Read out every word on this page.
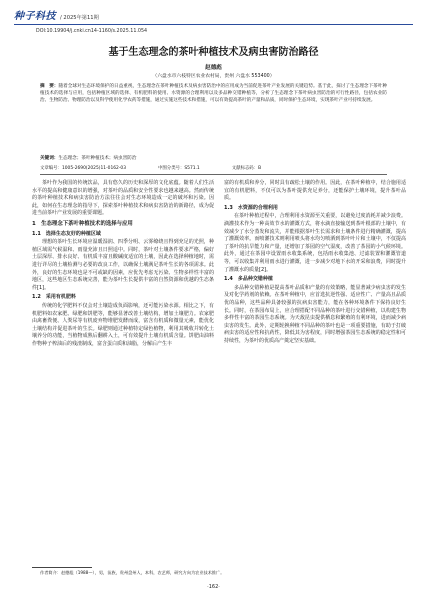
种子科技 / 2025年第11期
DOI:10.19904/j.cnki.cn14-1160/s.2025.11.054
基于生态理念的茶叶种植技术及病虫害防治路径
赵德彪
（六盘水市六枝特区农业农村局，贵州 六盘水 553400）
摘　要：随着全球对生态环境保护的日益重视，生态理念在茶叶种植技术及病虫害防治中的应用成为当前促进茶叶产业发展的关键趋势。基于此，探讨了生态理念下茶叶种植技术的选择与应用，包括种植区域的选择、有机肥料的使用、水资源的合理利用以及多品种交错种植等，分析了生态理念下茶叶病虫害防治的可行性路径，包括农业防治、生物防治、物理防治以及科学使用化学农药等措施，通过实施这些技术和措施，可以有效提高茶叶的产量和品质，同时保护生态环境，实现茶叶产业可持续发展。
关键词：生态理念；茶叶种植技术；病虫害防治
文章编号：1005-2690(2025)11-0162-03	中图分类号：S571.1	文献标志码：B

茶叶作为我国的传统饮品，具有悠久的历史和深厚的文化底蕴。随着人们生活水平的提高和健康意识的增强，对茶叶的品质和安全性要求也越来越高。然而传统的茶叶种植技术和病虫害防治方法往往会对生态环境造成一定的破坏和污染。因此，如何在生态理念的指导下，探索茶叶种植技术和病虫害防治的新路径，成为促进当前茶叶产业发展的重要课题。

1　生态理念下茶叶种植技术的选择与应用
1.1　选择生态友好的种植区域

理想的茶叶生长环境应温暖湿润、四季分明、云雾缭绕且得到充足的光照，种植区域需气候温和、雨量充沛且日照适中。同时，茶叶对土壤条件要求严格，偏好土层深厚、排水良好、有机质丰富且酸碱度适宜的土壤，因此在选择种植地时，需进行详尽的土壤检测与必要的改良工作，以确保土壤满足茶叶生长的各项需求。此外，良好的生态环境也是不可或缺的因素，应优先考虑无污染、生物多样性丰富的地区，这些地区生态系统完善，能为茶叶生长提供丰富的自然资源和优越的生态条件[1]。

1.2　采用有机肥料

传统的化学肥料不仅会对土壤造成负面影响，还可能污染水源。相比之下，有机肥料如农家肥、绿肥和饼肥等，能够显著改善土壤结构，增加土壤肥力。农家肥由禽畜粪便、人粪尿等有机废弃物堆肥发酵而成，富含有机质和微量元素，能优化土壤结构并促进茶叶的生长。绿肥则通过种植特定绿色植物，利用其吸收并转化土壤养分的功能，当植物成熟后翻耕入土，可有效提升土壤有机质含量。饼肥由油料作物种子榨油后的残渣制成，富含蛋白质和油脂，分解后产生丰

富的有机质和养分，同时具有疏松土壤的作用。因此，在茶叶种植中，结合施用适宜的有机肥料，不仅可以为茶叶提供充足养分，还能保护土壤环境，提升茶叶品质。

1.3　水资源的合理利用

在茶叶种植过程中，合理利用水资源至关重要，以避免过度消耗并减少浪费。滴灌技术作为一种高效节水的灌溉方式，将水滴直接输送到茶叶根部的土壤中，有效减少了水分蒸发和流失，并能根据茶叶生长需求和土壤条件进行精确灌溉，提高了灌溉效率。而喷灌技术则利用喷头将水均匀喷洒到茶叶叶片和土壤中，不仅提高了茶叶的抗旱能力和产量，还增加了茶园的空气湿度，改善了茶园的小气候环境。此外，通过在茶园中设置雨水收集系统，包括雨水收集池、过滤装置和灌溉管道等，可以收集并利用雨水进行灌溉，进一步减少对地下水的开采和浪费，同时提升了灌溉水的质量[2]。

1.4　多品种交错种植

多品种交错种植是提高茶叶品质和产量的有效策略，能显著减少病虫害的发生及对化学药剂的依赖。在茶叶种植中，应首选抗逆性强、适应性广、产量高且品质优的品种，这些品种具备较强的抗病虫害能力，能在各种环境条件下保持良好生长。同时，在茶园布局上，应合理搭配不同品种的茶叶进行交错种植，以构建生物多样性丰富的茶园生态系统。为天敌昆虫提供栖息和繁殖的有利环境，进而减少病虫害的发生。此外，定期轮换种植不同品种的茶叶也是一项重要措施，有助于打破病虫害的适应性和抗药性，降低其为害程度，同时增强茶园生态系统的稳定性和可持续性，为茶叶的优质高产奠定坚实基础。

作者简介：赵德彪（1988—），男，苗族，贵州盘州人，本科，农艺师，研究方向为农业技术推广。
·162·
